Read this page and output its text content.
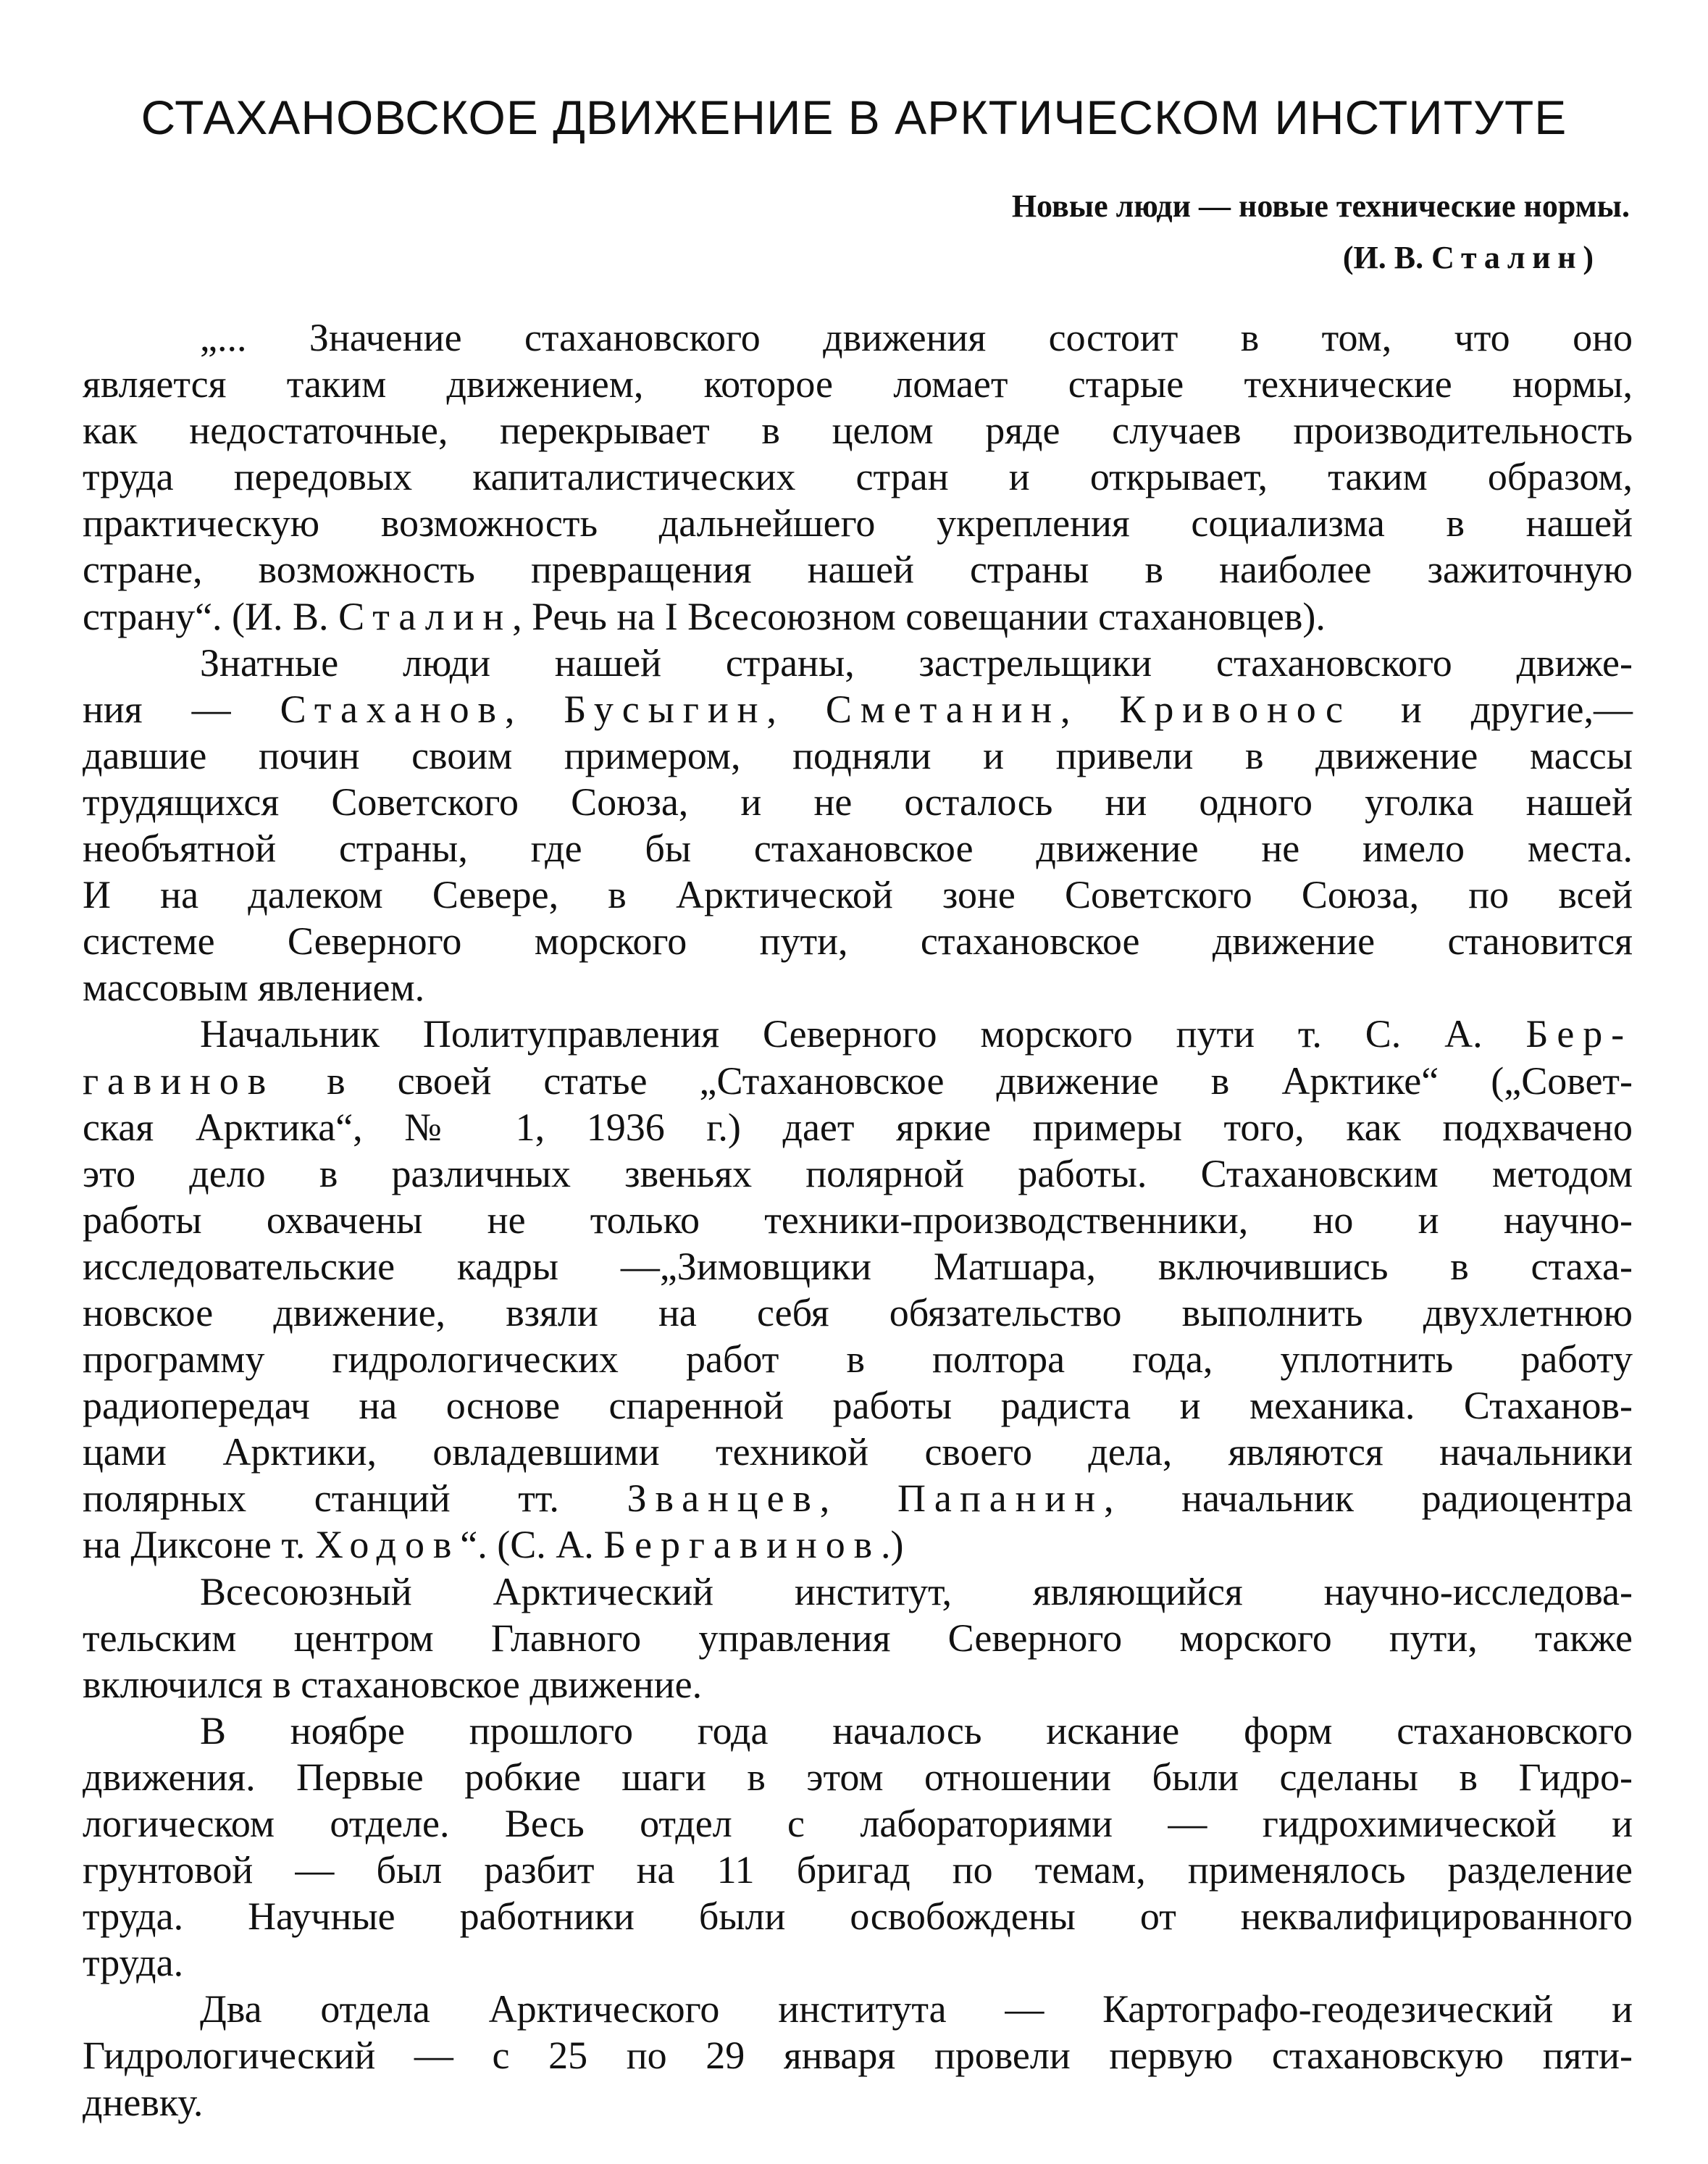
СТАХАНОВСКОЕ ДВИЖЕНИЕ В АРКТИЧЕСКОМ ИНСТИТУТЕ
Новые люди — новые технические нормы.
(И. В. Сталин)
„... Значение стахановского движения состоит в том, что оно
является таким движением, которое ломает старые технические нормы,
как недостаточные, перекрывает в целом ряде случаев производительность
труда передовых капиталистических стран и открывает, таким образом,
практическую возможность дальнейшего укрепления социализма в нашей
стране, возможность превращения нашей страны в наиболее зажиточную
страну“. (И. В. Сталин, Речь на I Всесоюзном совещании стахановцев).
Знатные люди нашей страны, застрельщики стахановского движе-
ния — Стаханов, Бусыгин, Сметанин, Кривонос и другие,—
давшие почин своим примером, подняли и привели в движение массы
трудящихся Советского Союза, и не осталось ни одного уголка нашей
необъятной страны, где бы стахановское движение не имело места.
И на далеком Севере, в Арктической зоне Советского Союза, по всей
системе Северного морского пути, стахановское движение становится
массовым явлением.
Начальник Политуправления Северного морского пути т. С. А. Бер-
гавинов в своей статье „Стахановское движение в Арктике“ („Совет-
ская Арктика“, № 1, 1936 г.) дает яркие примеры того, как подхвачено
это дело в различных звеньях полярной работы. Стахановским методом
работы охвачены не только техники-производственники, но и научно-
исследовательские кадры —„Зимовщики Матшара, включившись в стаха-
новское движение, взяли на себя обязательство выполнить двухлетнюю
программу гидрологических работ в полтора года, уплотнить работу
радиопередач на основе спаренной работы радиста и механика. Стаханов-
цами Арктики, овладевшими техникой своего дела, являются начальники
полярных станций тт. Званцев, Папанин, начальник радиоцентра
на Диксоне т. Ходов“. (С. А. Бергавинов.)
Всесоюзный Арктический институт, являющийся научно-исследова-
тельским центром Главного управления Северного морского пути, также
включился в стахановское движение.
В ноябре прошлого года началось искание форм стахановского
движения. Первые робкие шаги в этом отношении были сделаны в Гидро-
логическом отделе. Весь отдел с лабораториями — гидрохимической и
грунтовой — был разбит на 11 бригад по темам, применялось разделение
труда. Научные работники были освобождены от неквалифицированного
труда.
Два отдела Арктического института — Картографо-геодезический и
Гидрологический — с 25 по 29 января провели первую стахановскую пяти-
дневку.
